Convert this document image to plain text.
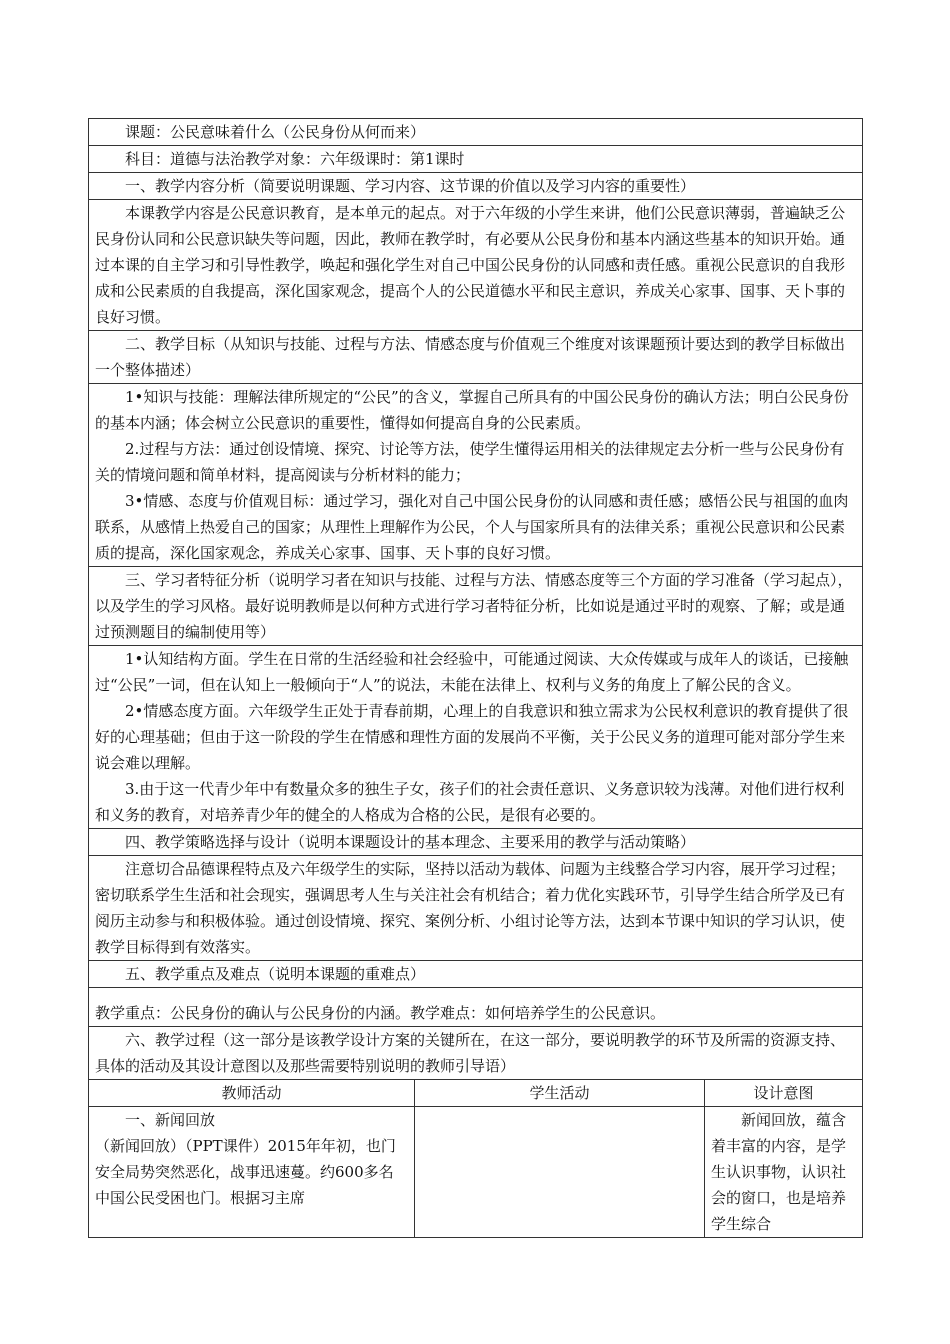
课题：公民意味着什么（公民身份从何而来）		
科目：道德与法治教学对象：六年级课时：第1课时		
一、教学内容分析（简要说明课题、学习内容、这节课的价值以及学习内容的重要性）		
本课教学内容是公民意识教育，是本单元的起点。对于六年级的小学生来讲，他们公民意识薄弱，普遍缺乏公民身份认同和公民意识缺失等问题，因此，教师在教学时，有必要从公民身份和基本内涵这些基本的知识开始。通过本课的自主学习和引导性教学，唤起和强化学生对自己中国公民身份的认同感和责任感。重视公民意识的自我形成和公民素质的自我提高，深化国家观念，提高个人的公民道德水平和民主意识，养成关心家事、国事、天卜事的良好习惯。		
二、教学目标（从知识与技能、过程与方法、情感态度与价值观三个维度对该课题预计要达到的教学目标做出一个整体描述）		

1•知识与技能：理解法律所规定的“公民”的含义，掌握自己所具有的中国公民身份的确认方法；明白公民身份的基本内涵；体会树立公民意识的重要性，懂得如何提高自身的公民素质。

2.过程与方法：通过创设情境、探究、讨论等方法，使学生懂得运用相关的法律规定去分析一些与公民身份有关的情境问题和简单材料，提高阅读与分析材料的能力；

3•情感、态度与价值观目标：通过学习，强化对自己中国公民身份的认同感和责任感；感悟公民与祖国的血肉联系，从感情上热爱自己的国家；从理性上理解作为公民，个人与国家所具有的法律关系；重视公民意识和公民素质的提高，深化国家观念，养成关心家事、国事、天卜事的良好习惯。		

三、学习者特征分析（说明学习者在知识与技能、过程与方法、情感态度等三个方面的学习准备（学习起点），以及学生的学习风格。最好说明教师是以何种方式进行学习者特征分析，比如说是通过平时的观察、了解；或是通过预测题目的编制使用等）		

1•认知结构方面。学生在日常的生活经验和社会经验中，可能通过阅读、大众传媒或与成年人的谈话，已接触过“公民”一词，但在认知上一般倾向于“人”的说法，未能在法律上、权利与义务的角度上了解公民的含义。

2•情感态度方面。六年级学生正处于青春前期，心理上的自我意识和独立需求为公民权利意识的教育提供了很好的心理基础；但由于这一阶段的学生在情感和理性方面的发展尚不平衡，关于公民义务的道理可能对部分学生来说会难以理解。

3.由于这一代青少年中有数量众多的独生子女，孩子们的社会责任意识、义务意识较为浅薄。对他们进行权利和义务的教育，对培养青少年的健全的人格成为合格的公民，是很有必要的。		

四、教学策略选择与设计（说明本课题设计的基本理念、主要釆用的教学与活动策略）		
注意切合品德课程特点及六年级学生的实际，坚持以活动为载体、问题为主线整合学习内容，展开学习过程；密切联系学生生活和社会现实，强调思考人生与关注社会有机结合；着力优化实践环节，引导学生结合所学及已有阅历主动参与和积极体验。通过创设情境、探究、案例分析、小组讨论等方法，达到本节课中知识的学习认识，使教学目标得到有效落实。		
五、教学重点及难点（说明本课题的重难点）		

教学重点：公民身份的确认与公民身份的内涵。教学难点：如何培养学生的公民意识。		
六、教学过程（这一部分是该教学设计方案的关键所在，在这一部分，要说明教学的环节及所需的资源支持、具体的活动及其设计意图以及那些需要特别说明的教师引导语）		
教师活动	学生活动	设计意图

一、新闻回放

（新闻回放）（PPT课件）2015年年初，也门安全局势突然恶化，战事迅速蔓。约600多名中国公民受困也门。根据习主席		新闻回放，蕴含着丰富的内容，是学生认识事物，认识社会的窗口，也是培养学生综合
